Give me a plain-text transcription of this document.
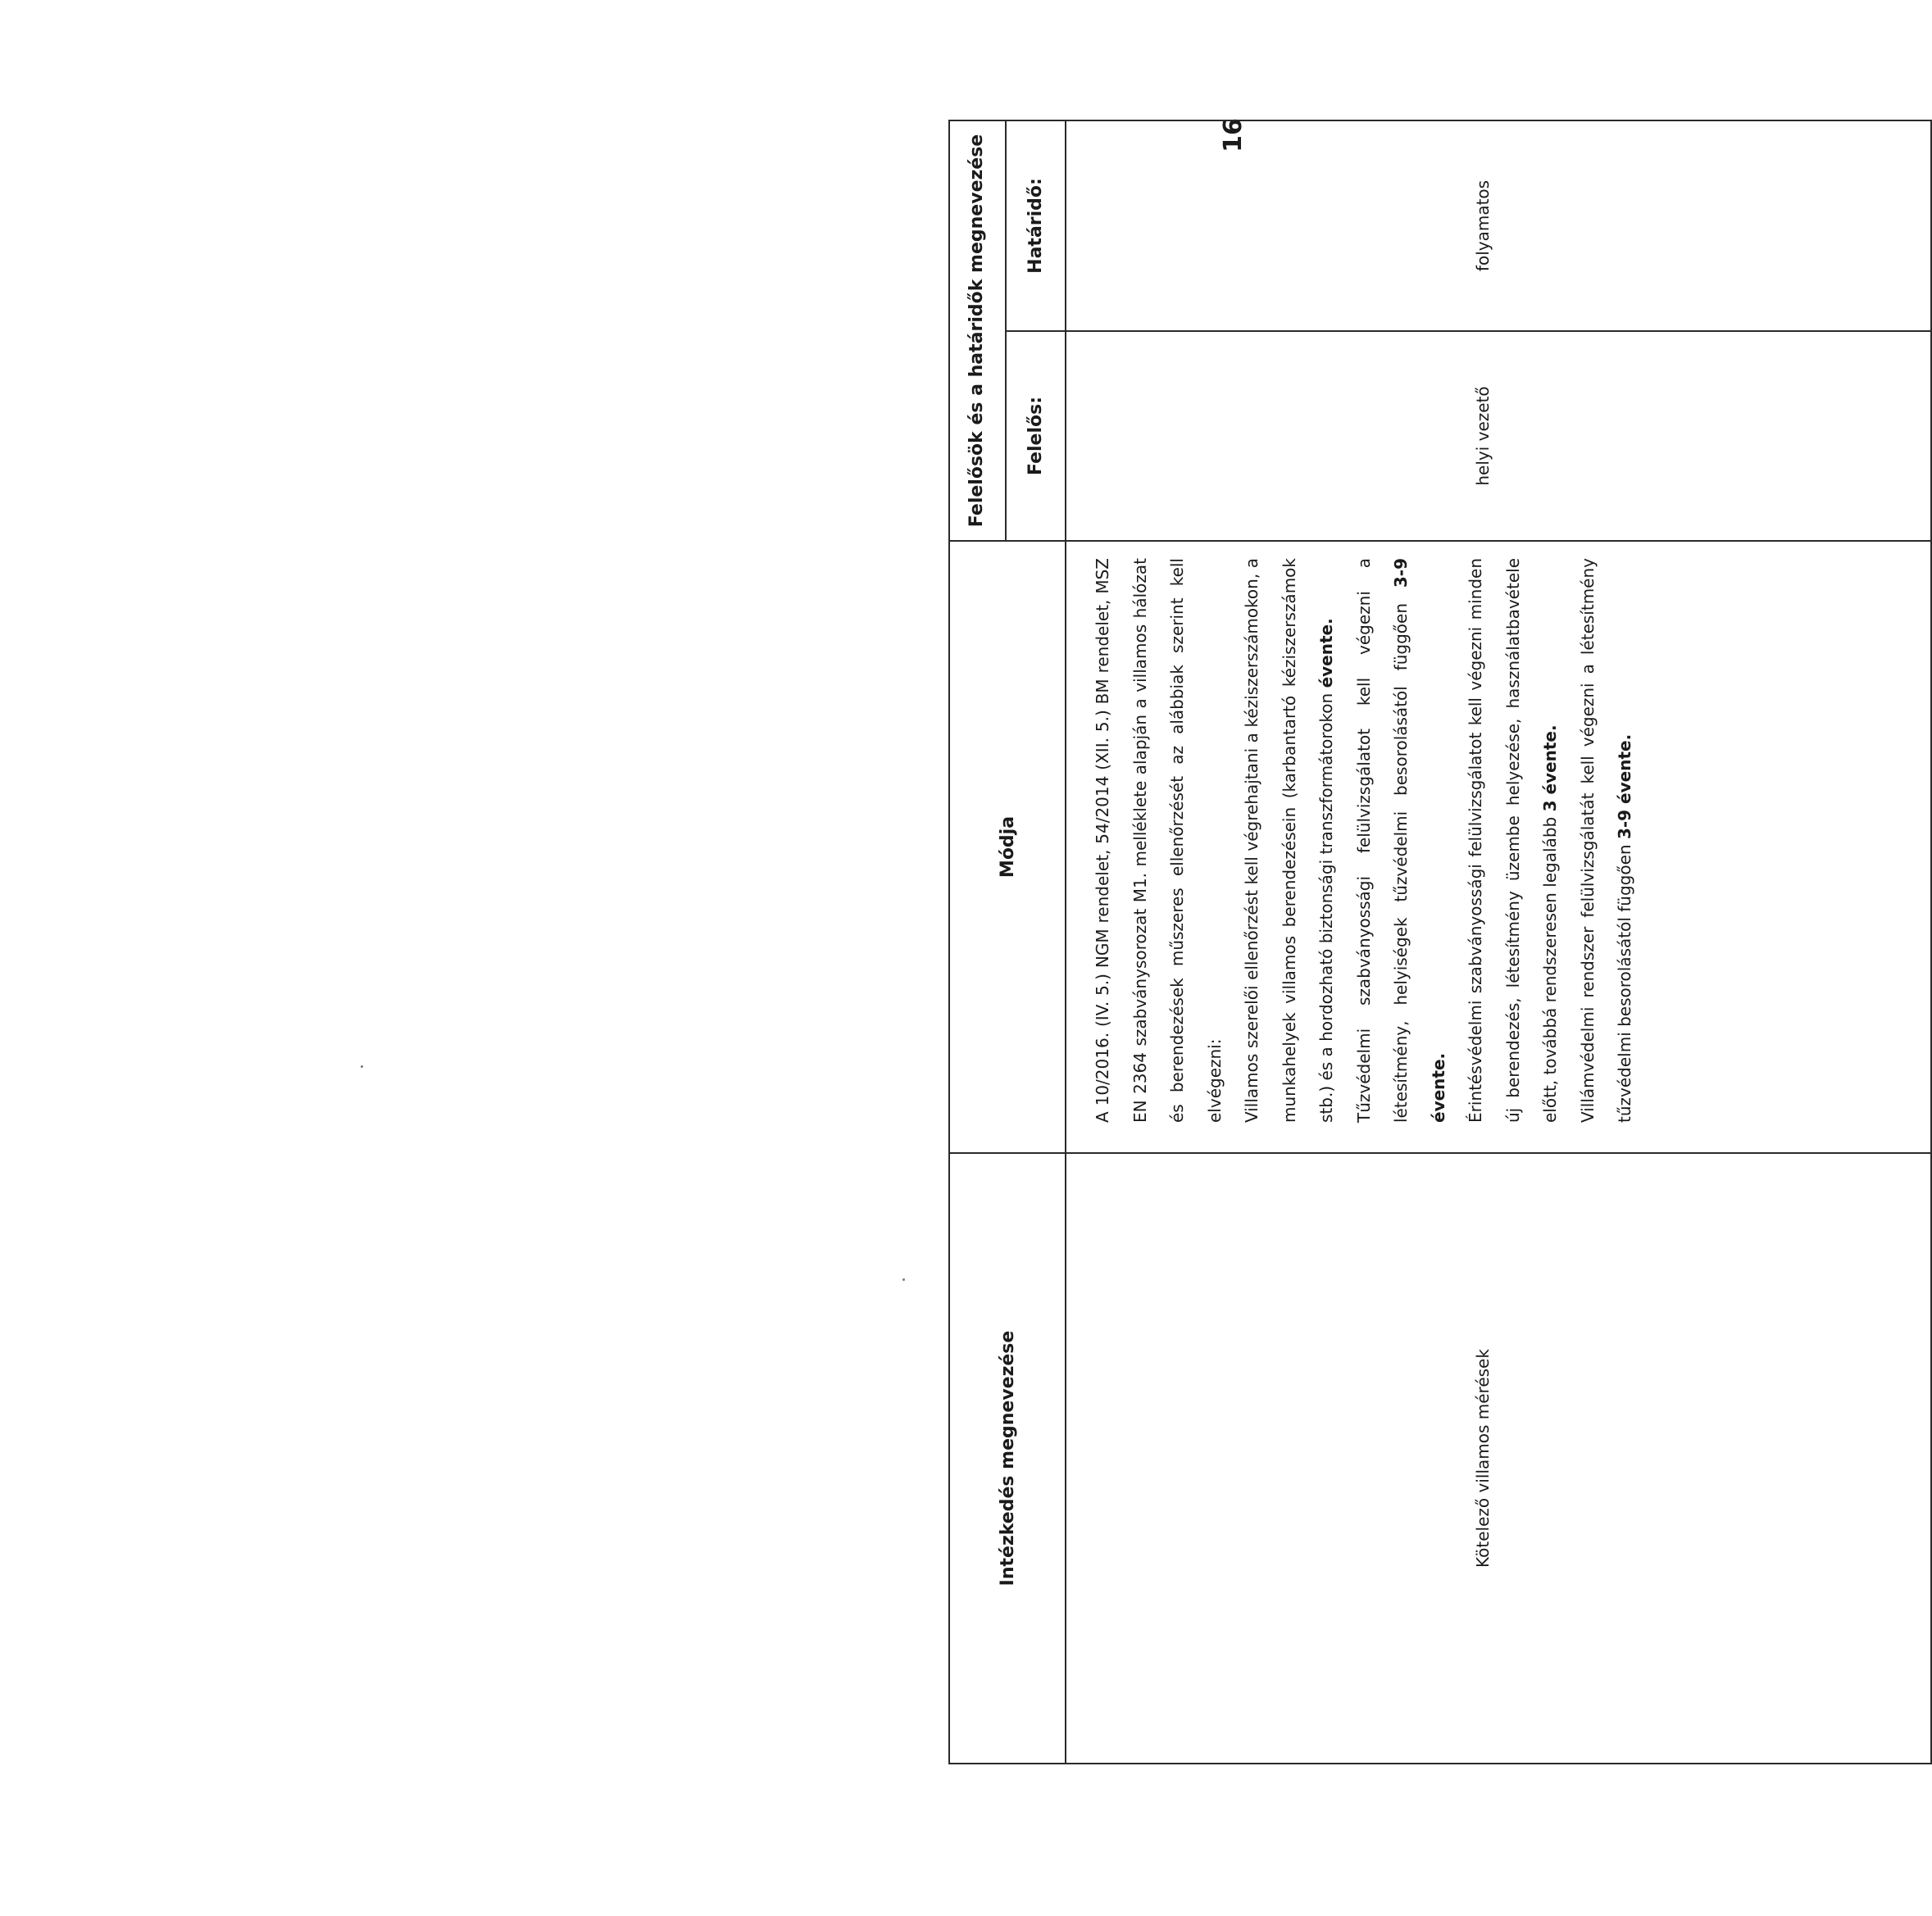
16
Intézkedés megnevezése	Módja	Felelősök és a határidők megnevezése	
		Felelős:	Határidő:

Kötelező villamos mérések	A 10/2016. (IV. 5.) NGM rendelet, 54/2014 (XII. 5.) BM rendelet, MSZ EN 2364 szabványsorozat M1. melléklete alapján a villamos hálózat és berendezések műszeres ellenőrzését az alábbiak szerint kell elvégezni: Villamos szerelői ellenőrzést kell végrehajtani a kéziszerszámokon, a munkahelyek villamos berendezésein (karbantartó kéziszerszámok stb.) és a hordozható biztonsági transzformátorokon évente. Tűzvédelmi szabványossági felülvizsgálatot kell végezni a létesítmény, helyiségek tűzvédelmi besorolásától függően 3-9 évente. Érintésvédelmi szabványossági felülvizsgálatot kell végezni minden új berendezés, létesítmény üzembe helyezése, használatbavétele előtt, továbbá rendszeresen legalább 3 évente. Villámvédelmi rendszer felülvizsgálatát kell végezni a létesítmény tűzvédelmi besorolásától függően 3-9 évente.	helyi vezető	folyamatos
